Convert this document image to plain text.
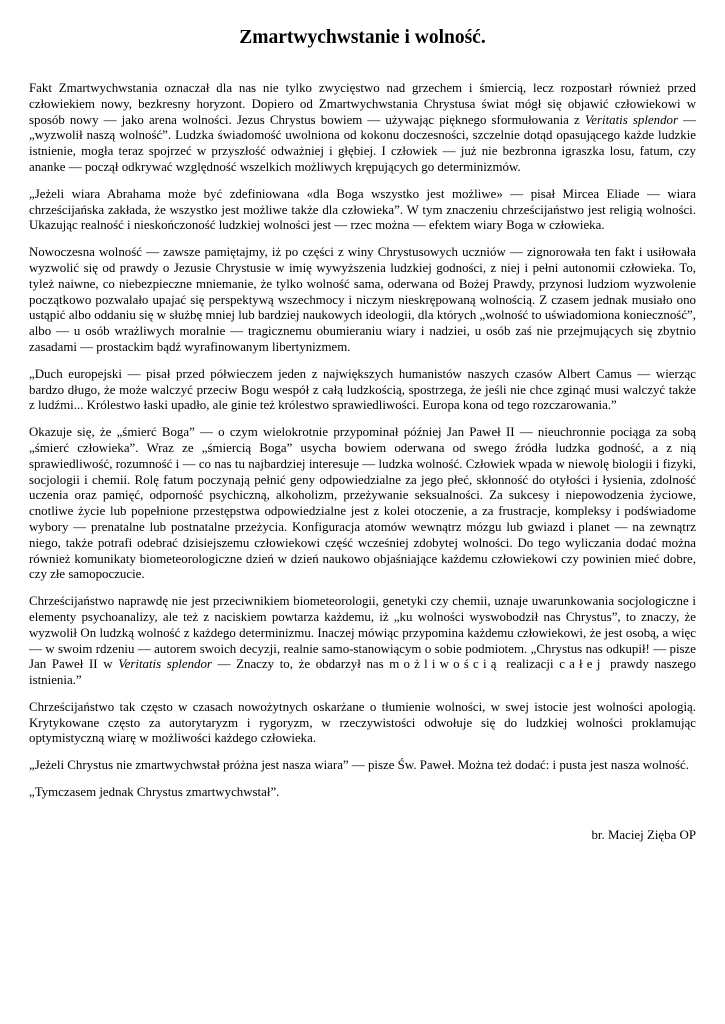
Zmartwychwstanie i wolność.

Fakt Zmartwychwstania oznaczał dla nas nie tylko zwycięstwo nad grzechem i śmiercią, lecz rozpostarł również przed człowiekiem nowy, bezkresny horyzont. Dopiero od Zmartwychwstania Chrystusa świat mógł się objawić człowiekowi w sposób nowy — jako arena wolności. Jezus Chrystus bowiem — używając pięknego sformułowania z Veritatis splendor — „wyzwolił naszą wolność”. Ludzka świadomość uwolniona od kokonu doczesności, szczelnie dotąd opasującego każde ludzkie istnienie, mogła teraz spojrzeć w przyszłość odważniej i głębiej. I człowiek — już nie bezbronna igraszka losu, fatum, czy ananke — począł odkrywać względność wszelkich możliwych krępujących go determinizmów.

„Jeżeli wiara Abrahama może być zdefiniowana «dla Boga wszystko jest możliwe» — pisał Mircea Eliade — wiara chrześcijańska zakłada, że wszystko jest możliwe także dla człowieka”. W tym znaczeniu chrześcijaństwo jest religią wolności. Ukazując realność i nieskończoność ludzkiej wolności jest — rzec można — efektem wiary Boga w człowieka.

Nowoczesna wolność — zawsze pamiętajmy, iż po części z winy Chrystusowych uczniów — zignorowała ten fakt i usiłowała wyzwolić się od prawdy o Jezusie Chrystusie w imię wywyższenia ludzkiej godności, z niej i pełni autonomii człowieka. To, tyleż naiwne, co niebezpieczne mniemanie, że tylko wolność sama, oderwana od Bożej Prawdy, przynosi ludziom wyzwolenie początkowo pozwalało upajać się perspektywą wszechmocy i niczym nieskrępowaną wolnością. Z czasem jednak musiało ono ustąpić albo oddaniu się w służbę mniej lub bardziej naukowych ideologii, dla których „wolność to uświadomiona konieczność”, albo — u osób wrażliwych moralnie — tragicznemu obumieraniu wiary i nadziei, u osób zaś nie przejmujących się zbytnio zasadami — prostackim bądź wyrafinowanym libertynizmem.

„Duch europejski — pisał przed półwieczem jeden z największych humanistów naszych czasów Albert Camus — wierząc bardzo długo, że może walczyć przeciw Bogu wespół z całą ludzkością, spostrzega, że jeśli nie chce zginąć musi walczyć także z ludźmi... Królestwo łaski upadło, ale ginie też królestwo sprawiedliwości. Europa kona od tego rozczarowania.”

Okazuje się, że „śmierć Boga” — o czym wielokrotnie przypominał później Jan Paweł II — nieuchronnie pociąga za sobą „śmierć człowieka”. Wraz ze „śmiercią Boga” usycha bowiem oderwana od swego źródła ludzka godność, a z nią sprawiedliwość, rozumność i — co nas tu najbardziej interesuje — ludzka wolność. Człowiek wpada w niewolę biologii i fizyki, socjologii i chemii. Rolę fatum poczynają pełnić geny odpowiedzialne za jego płeć, skłonność do otyłości i łysienia, zdolność uczenia oraz pamięć, odporność psychiczną, alkoholizm, przeżywanie seksualności. Za sukcesy i niepowodzenia życiowe, cnotliwe życie lub popełnione przestępstwa odpowiedzialne jest z kolei otoczenie, a za frustracje, kompleksy i podświadome wybory — prenatalne lub postnatalne przeżycia. Konfiguracja atomów wewnątrz mózgu lub gwiazd i planet — na zewnątrz niego, także potrafi odebrać dzisiejszemu człowiekowi część wcześniej zdobytej wolności. Do tego wyliczania dodać można również komunikaty biometeorologiczne dzień w dzień naukowo objaśniające każdemu człowiekowi czy powinien mieć dobre, czy złe samopoczucie.

Chrześcijaństwo naprawdę nie jest przeciwnikiem biometeorologii, genetyki czy chemii, uznaje uwarunkowania socjologiczne i elementy psychoanalizy, ale też z naciskiem powtarza każdemu, iż „ku wolności wyswobodził nas Chrystus”, to znaczy, że wyzwolił On ludzką wolność z każdego determinizmu. Inaczej mówiąc przypomina każdemu człowiekowi, że jest osobą, a więc — w swoim rdzeniu — autorem swoich decyzji, realnie samo-stanowiącym o sobie podmiotem. „Chrystus nas odkupił! — pisze Jan Paweł II w Veritatis splendor — Znaczy to, że obdarzył nas możliwością realizacji całej prawdy naszego istnienia.”

Chrześcijaństwo tak często w czasach nowożytnych oskarżane o tłumienie wolności, w swej istocie jest wolności apologią. Krytykowane często za autorytaryzm i rygoryzm, w rzeczywistości odwołuje się do ludzkiej wolności proklamując optymistyczną wiarę w możliwości każdego człowieka.

„Jeżeli Chrystus nie zmartwychwstał próżna jest nasza wiara” — pisze Św. Paweł. Można też dodać: i pusta jest nasza wolność.

„Tymczasem jednak Chrystus zmartwychwstał”.

br. Maciej Zięba OP
